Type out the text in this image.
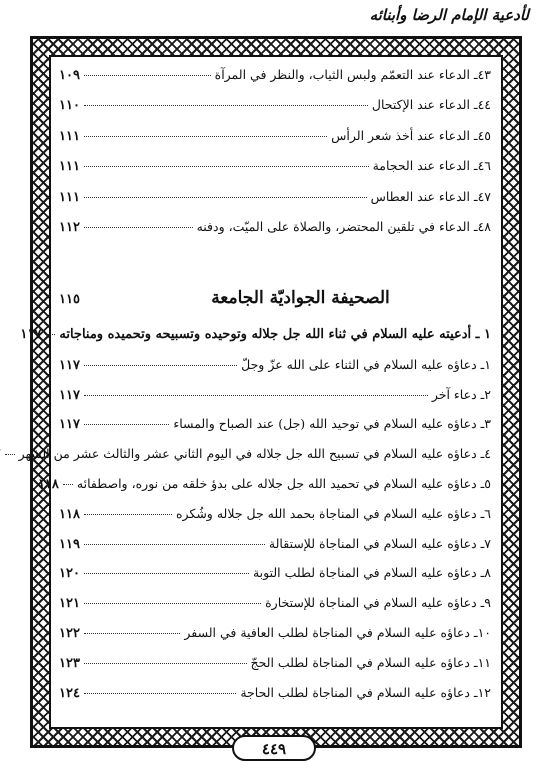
لأدعية الإمام الرضا وأبنائه
الصحيفة الجواديّة الجامعة
١١٥
٤٣ـ الدعاء عند التعمّم ولبس الثياب، والنظر في المرآة
١٠٩
٤٤ـ الدعاء عند الإكتحال
١١٠
٤٥ـ الدعاء عند أخذ شعر الرأس
١١١
٤٦ـ الدعاء عند الحجامة
١١١
٤٧ـ الدعاء عند العطاس
١١١
٤٨ـ الدعاء في تلقين المحتضر، والصلاة على الميّت، ودفنه
١١٢
١ ـ أدعيته عليه السلام في ثناء الله جل جلاله وتوحيده وتسبيحه وتحميده ومناجاته
١١٧
١ـ دعاؤه عليه السلام في الثناء على الله عزّ وجلّ
١١٧
٢ـ دعاء آخر
١١٧
٣ـ دعاؤه عليه السلام في توحيد الله (جل) عند الصباح والمساء
١١٧
٤ـ دعاؤه عليه السلام في تسبيح الله جل جلاله في اليوم الثاني عشر والثالث عشر من الشهر
٥ـ دعاؤه عليه السلام في تحميد الله جل جلاله على بدؤ خلقه من نوره، واصطفائه
١١٨
٦ـ دعاؤه عليه السلام في المناجاة بحمد الله جل جلاله وشُكره
١١٨
٧ـ دعاؤه عليه السلام في المناجاة للإستقالة
١١٩
٨ـ دعاؤه عليه السلام في المناجاة لطلب التوبة
١٢٠
٩ـ دعاؤه عليه السلام في المناجاة للإستخارة
١٢١
١٠ـ دعاؤه عليه السلام في المناجاة لطلب العافية في السفر
١٢٢
١١ـ دعاؤه عليه السلام في المناجاة لطلب الحجّ
١٢٣
١٢ـ دعاؤه عليه السلام في المناجاة لطلب الحاجة
١٢٤
٤٤٩
